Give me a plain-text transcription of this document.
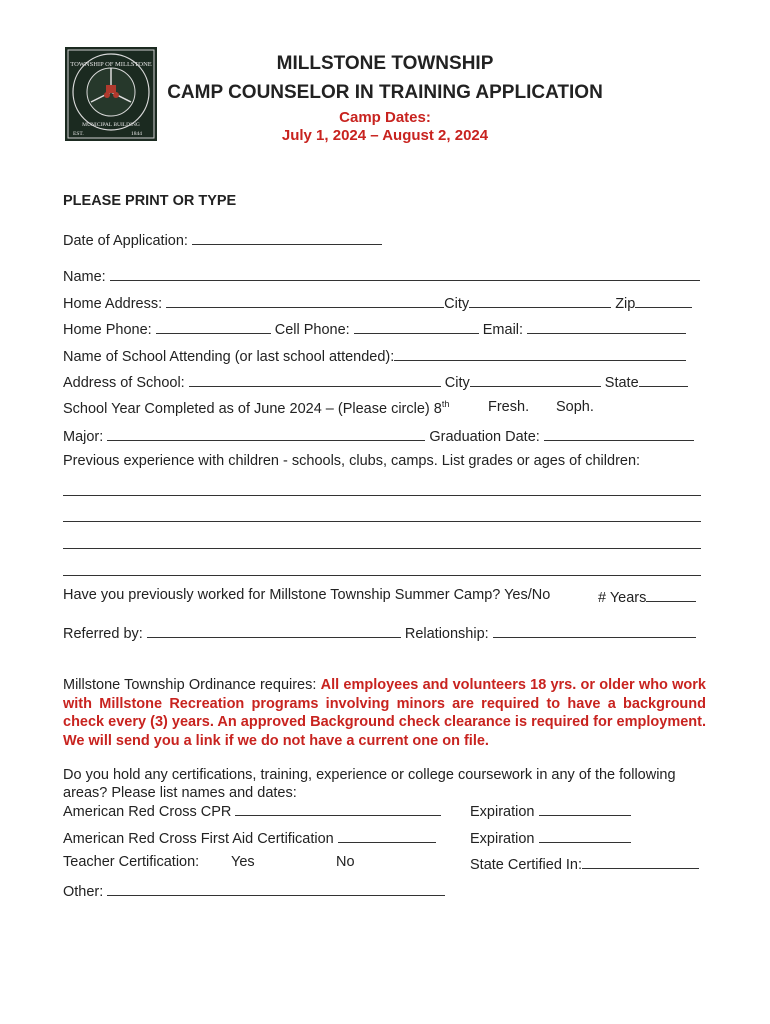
TOWNSHIP OF MILLSTONE
MUNICIPAL BUILDING
EST.	1844
MILLSTONE TOWNSHIP
CAMP COUNSELOR IN TRAINING APPLICATION
Camp Dates:
July 1, 2024 – August 2, 2024
PLEASE PRINT OR TYPE
Date of Application:
Name:
Home Address:	City	Zip
Home Phone:	Cell Phone:	Email:
Name of School Attending (or last school attended):
Address of School:	City	State
School Year Completed as of June 2024 – (Please circle) 8th	Fresh. Soph.
Major:	Graduation Date:
Previous experience with children - schools, clubs, camps. List grades or ages of children:
Have you previously worked for Millstone Township Summer Camp? Yes/No	# Years
Referred by:	Relationship:
Millstone Township Ordinance requires: All employees and volunteers 18 yrs. or older who work with Millstone Recreation programs involving minors are required to have a background check every (3) years. An approved Background check clearance is required for employment. We will send you a link if we do not have a current one on file.
Do you hold any certifications, training, experience or college coursework in any of the following areas? Please list names and dates:
American Red Cross CPR	Expiration
American Red Cross First Aid Certification	Expiration
Teacher Certification: Yes	No	State Certified In:
Other:
